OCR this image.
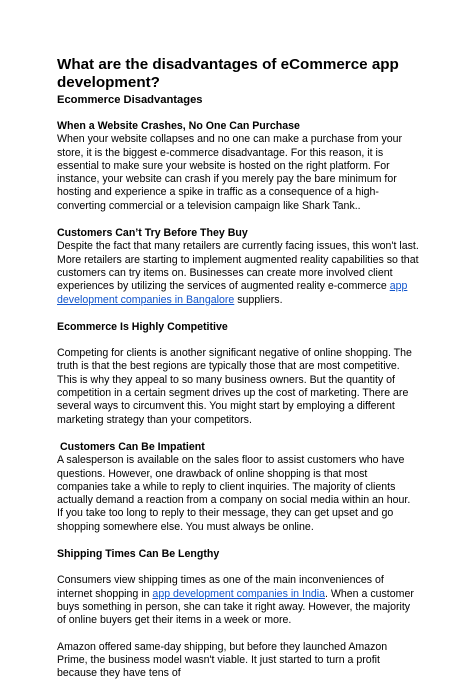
What are the disadvantages of eCommerce app development?
Ecommerce Disadvantages
When a Website Crashes, No One Can Purchase

When your website collapses and no one can make a purchase from your store, it is the biggest e-commerce disadvantage. For this reason, it is essential to make sure your website is hosted on the right platform. For instance, your website can crash if you merely pay the bare minimum for hosting and experience a spike in traffic as a consequence of a high-converting commercial or a television campaign like Shark Tank..

Customers Can’t Try Before They Buy

Despite the fact that many retailers are currently facing issues, this won't last. More retailers are starting to implement augmented reality capabilities so that customers can try items on. Businesses can create more involved client experiences by utilizing the services of augmented reality e-commerce app development companies in Bangalore suppliers.

Ecommerce Is Highly Competitive

Competing for clients is another significant negative of online shopping. The truth is that the best regions are typically those that are most competitive. This is why they appeal to so many business owners. But the quantity of competition in a certain segment drives up the cost of marketing. There are several ways to circumvent this. You might start by employing a different marketing strategy than your competitors.

Customers Can Be Impatient

A salesperson is available on the sales floor to assist customers who have questions. However, one drawback of online shopping is that most companies take a while to reply to client inquiries. The majority of clients actually demand a reaction from a company on social media within an hour. If you take too long to reply to their message, they can get upset and go shopping somewhere else. You must always be online.

Shipping Times Can Be Lengthy

Consumers view shipping times as one of the main inconveniences of internet shopping in app development companies in India. When a customer buys something in person, she can take it right away. However, the majority of online buyers get their items in a week or more.

Amazon offered same-day shipping, but before they launched Amazon Prime, the business model wasn't viable. It just started to turn a profit because they have tens of
